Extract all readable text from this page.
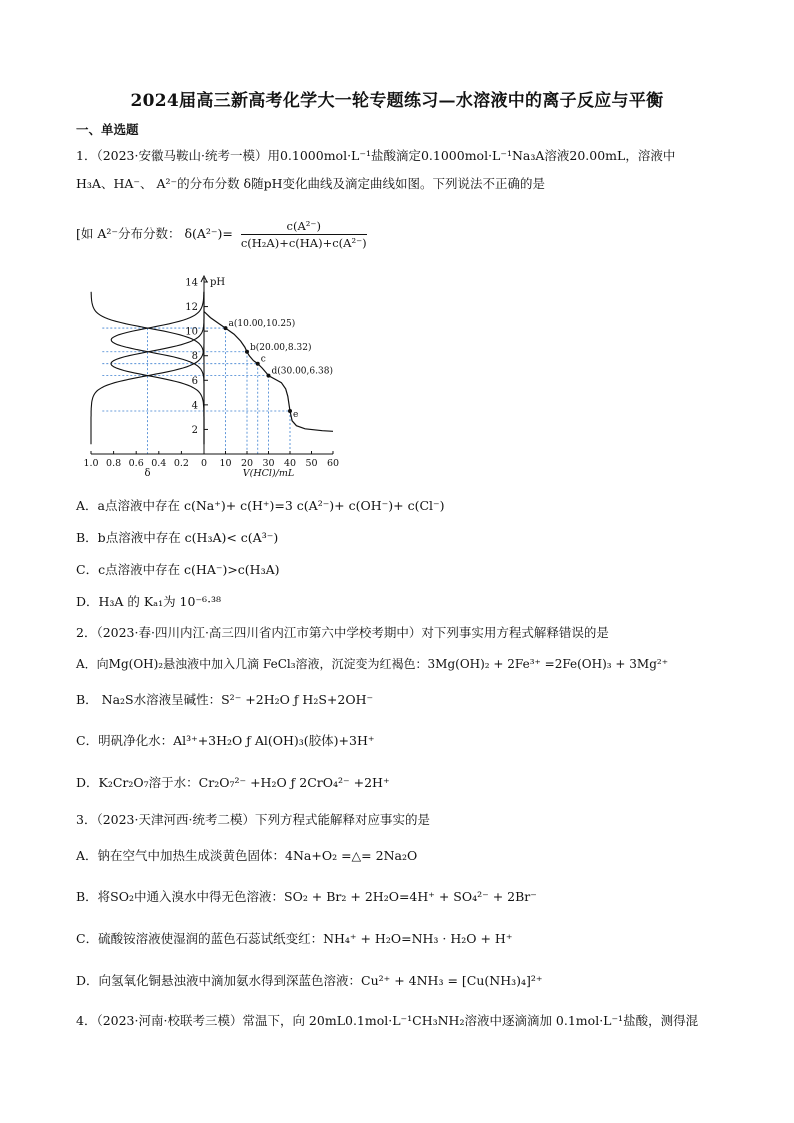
2024届高三新高考化学大一轮专题练习—水溶液中的离子反应与平衡
一、单选题
1．（2023·安徽马鞍山·统考一模）用0.1000mol·L⁻¹盐酸滴定0.1000mol·L⁻¹Na₃A溶液20.00mL，溶液中
H₃A、HA⁻、 A²⁻的分布分数 δ随pH变化曲线及滴定曲线如图。下列说法不正确的是
[如 A²⁻分布分数： $\delta(A^{2-})= \frac{\text{c(A²⁻)}}{\text{c(H₂A)+c(HA)+c(A²⁻)}}$
14
12
10
8
6
4
2
pH
1.0 0.8 0.6 0.4 0.2 0 10 20 30 40 50 60
δ	V(HCl)/mL
a(10.00,10.25)
b(20.00,8.32)
c
d(30.00,6.38)
e
A．a点溶液中存在 c(Na⁺)+ c(H⁺)=3 c(A²⁻)+ c(OH⁻)+ c(Cl⁻)
B．b点溶液中存在 c(H₃A)< c(A³⁻)
C．c点溶液中存在 c(HA⁻)>c(H₃A)
D．H₃A 的 Kₐ₁为 10⁻⁶·³⁸
2．（2023·春·四川内江·高三四川省内江市第六中学校考期中）对下列事实用方程式解释错误的是
A．向Mg(OH)₂悬浊液中加入几滴 FeCl₃溶液，沉淀变为红褐色：3Mg(OH)₂ + 2Fe³⁺ =2Fe(OH)₃ + 3Mg²⁺
B． Na₂S水溶液呈碱性：S²⁻ +2H₂O ƒ H₂S+2OH⁻
C．明矾净化水：Al³⁺+3H₂O ƒ Al(OH)₃(胶体)+3H⁺
D．K₂Cr₂O₇溶于水：Cr₂O₇²⁻ +H₂O ƒ 2CrO₄²⁻ +2H⁺
3．（2023·天津河西·统考二模）下列方程式能解释对应事实的是
A．钠在空气中加热生成淡黄色固体：4Na+O₂ =△= 2Na₂O
B．将SO₂中通入溴水中得无色溶液：SO₂ + Br₂ + 2H₂O=4H⁺ + SO₄²⁻ + 2Br⁻
C．硫酸铵溶液使湿润的蓝色石蕊试纸变红：NH₄⁺ + H₂O=NH₃ · H₂O + H⁺
D．向氢氧化铜悬浊液中滴加氨水得到深蓝色溶液：Cu²⁺ + 4NH₃ = [Cu(NH₃)₄]²⁺
4．（2023·河南·校联考三模）常温下，向 20mL0.1mol·L⁻¹CH₃NH₂溶液中逐滴滴加 0.1mol·L⁻¹盐酸，测得混
